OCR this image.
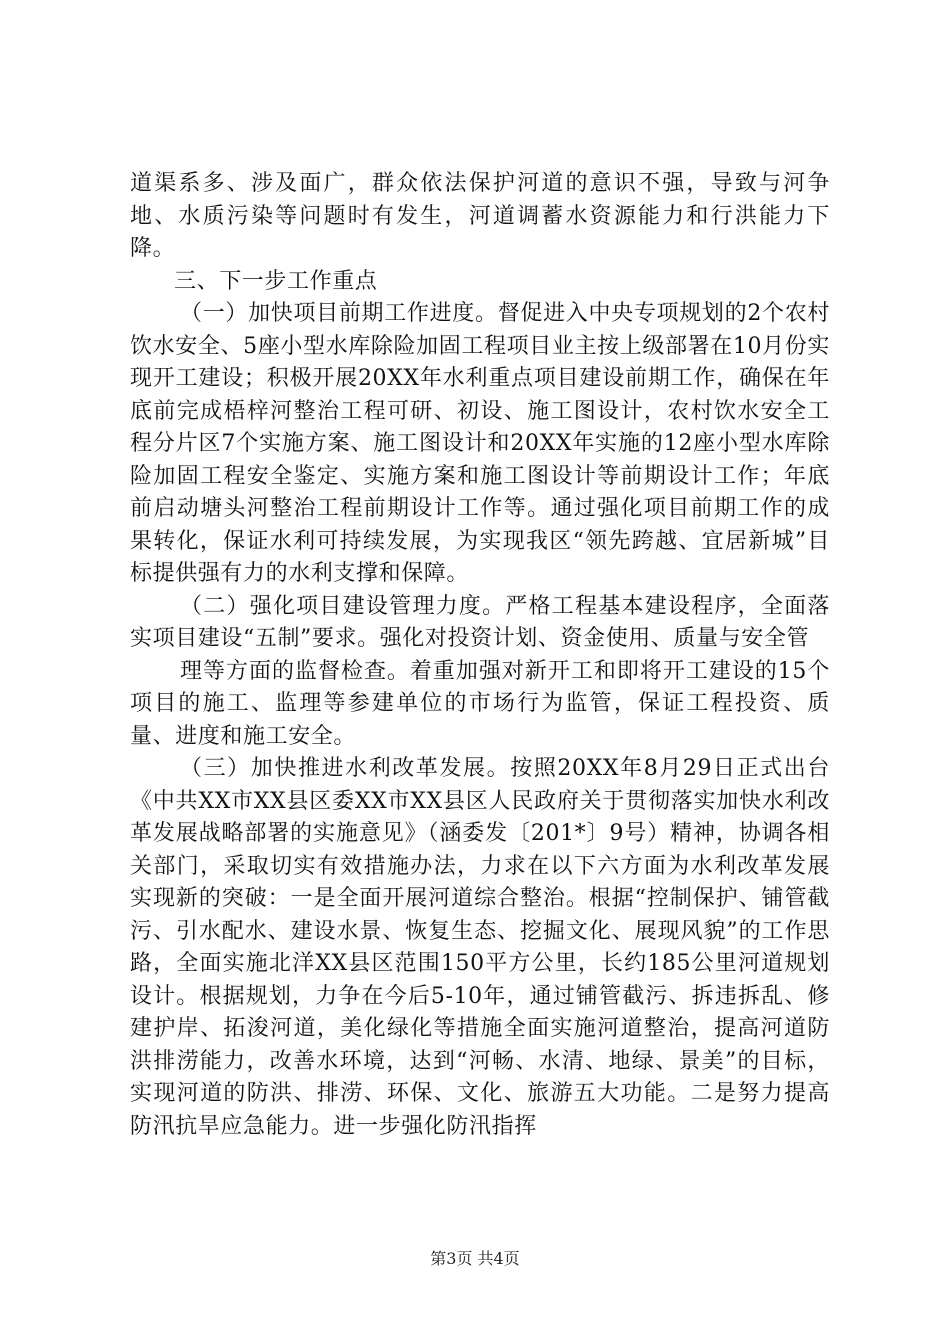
道渠系多、涉及面广，群众依法保护河道的意识不强，导致与河争地、水质污染等问题时有发生，河道调蓄水资源能力和行洪能力下降。

三、下一步工作重点

（一）加快项目前期工作进度。督促进入中央专项规划的2个农村饮水安全、5座小型水库除险加固工程项目业主按上级部署在10月份实现开工建设；积极开展20XX年水利重点项目建设前期工作，确保在年底前完成梧梓河整治工程可研、初设、施工图设计，农村饮水安全工程分片区7个实施方案、施工图设计和20XX年实施的12座小型水库除险加固工程安全鉴定、实施方案和施工图设计等前期设计工作；年底前启动塘头河整治工程前期设计工作等。通过强化项目前期工作的成果转化，保证水利可持续发展，为实现我区“领先跨越、宜居新城”目标提供强有力的水利支撑和保障。

（二）强化项目建设管理力度。严格工程基本建设程序，全面落实项目建设“五制”要求。强化对投资计划、资金使用、质量与安全管

理等方面的监督检查。着重加强对新开工和即将开工建设的15个项目的施工、监理等参建单位的市场行为监管，保证工程投资、质量、进度和施工安全。

（三）加快推进水利改革发展。按照20XX年8月29日正式出台《中共XX市XX县区委XX市XX县区人民政府关于贯彻落实加快水利改革发展战略部署的实施意见》（涵委发〔201*〕9号）精神，协调各相关部门，采取切实有效措施办法，力求在以下六方面为水利改革发展实现新的突破：一是全面开展河道综合整治。根据“控制保护、铺管截污、引水配水、建设水景、恢复生态、挖掘文化、展现风貌”的工作思路，全面实施北洋XX县区范围150平方公里，长约185公里河道规划设计。根据规划，力争在今后5-10年，通过铺管截污、拆违拆乱、修建护岸、拓浚河道，美化绿化等措施全面实施河道整治，提高河道防洪排涝能力，改善水环境，达到“河畅、水清、地绿、景美”的目标，实现河道的防洪、排涝、环保、文化、旅游五大功能。二是努力提高防汛抗旱应急能力。进一步强化防汛指挥

第3页 共4页
